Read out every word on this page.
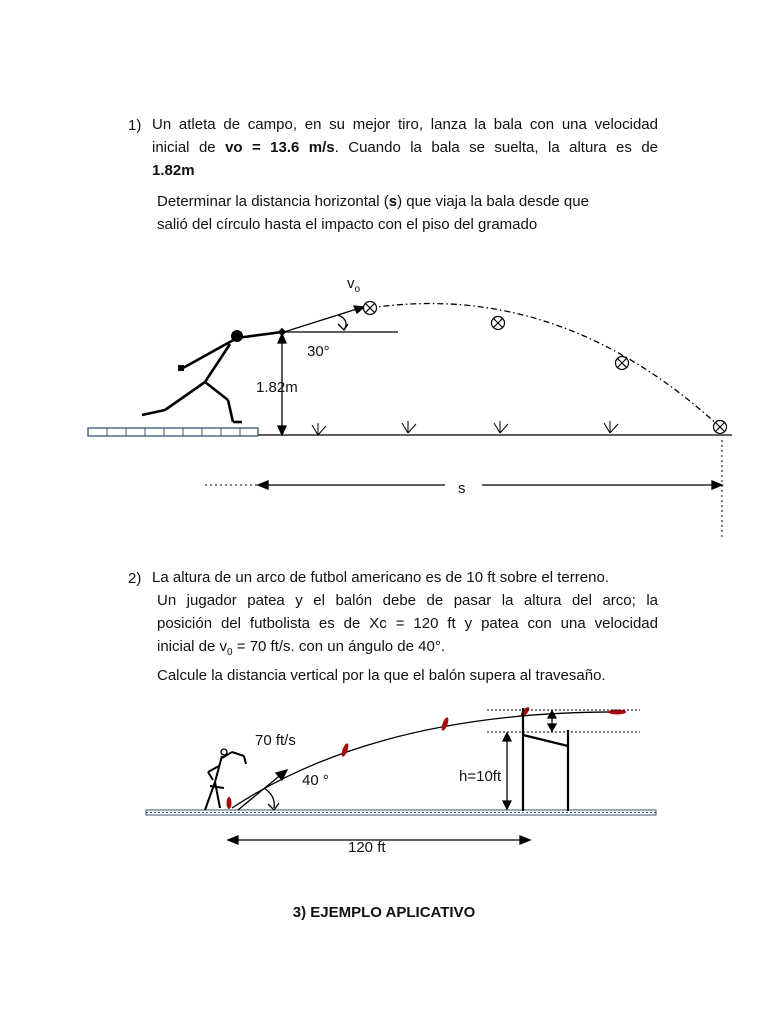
1) Un atleta de campo, en su mejor tiro, lanza la bala con una velocidad
inicial de vo = 13.6 m/s. Cuando la bala se suelta, la altura es de
1.82m
Determinar la distancia horizontal (s) que viaja la bala desde que
salió del círculo hasta el impacto con el piso del gramado
$v_o$
30°
1.82m
s
2) La altura de un arco de futbol americano es de 10 ft sobre el terreno.
Un jugador patea y el balón debe de pasar la altura del arco; la
posición del futbolista es de Xc = 120 ft y patea con una velocidad
inicial de $v_0 = 70$ ft/s. con un ángulo de 40°.
Calcule la distancia vertical por la que el balón supera al travesaño.
70 ft/s
40 °	h=10ft
120 ft
3) EJEMPLO APLICATIVO
